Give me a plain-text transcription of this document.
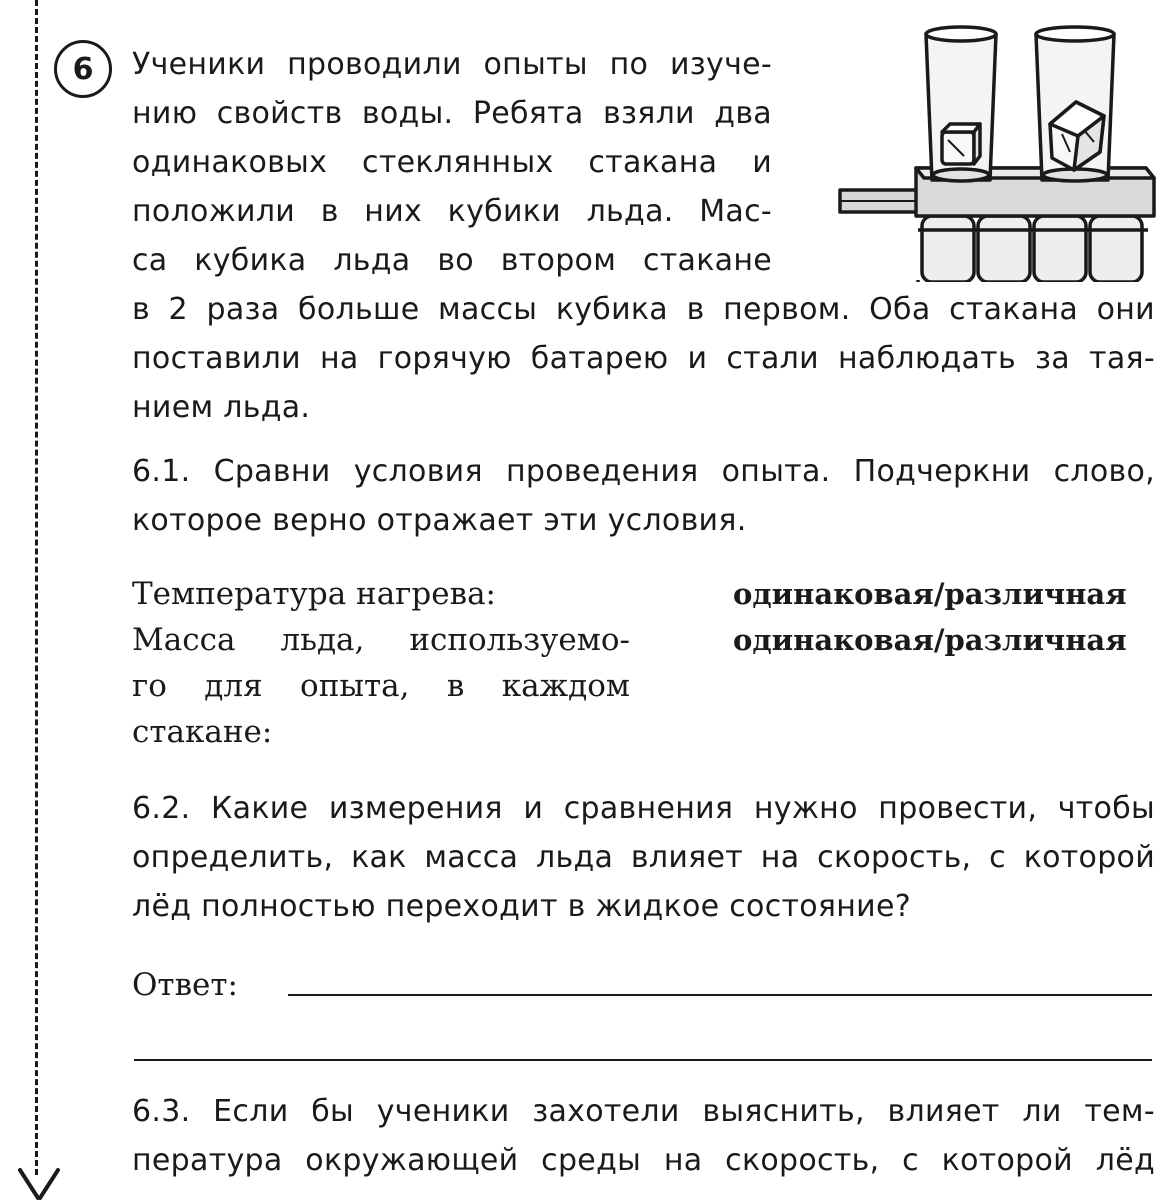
6	Ученики проводили опыты по изуче-
нию свойств воды. Ребята взяли два
одинаковых стеклянных стакана и
положили в них кубики льда. Мас-
са кубика льда во втором стакане
в 2 раза больше массы кубика в первом. Оба стакана они
поставили на горячую батарею и стали наблюдать за тая-
нием льда.
6.1. Сравни условия проведения опыта. Подчеркни слово,
которое верно отражает эти условия.
Температура нагрева:	одинаковая/различная
Масса льда, используемо-
го для опыта, в каждом
стакане:
одинаковая/различная
6.2. Какие измерения и сравнения нужно провести, чтобы
определить, как масса льда влияет на скорость, с которой
лёд полностью переходит в жидкое состояние?
Ответ:
6.3. Если бы ученики захотели выяснить, влияет ли тем-
пература окружающей среды на скорость, с которой лёд
